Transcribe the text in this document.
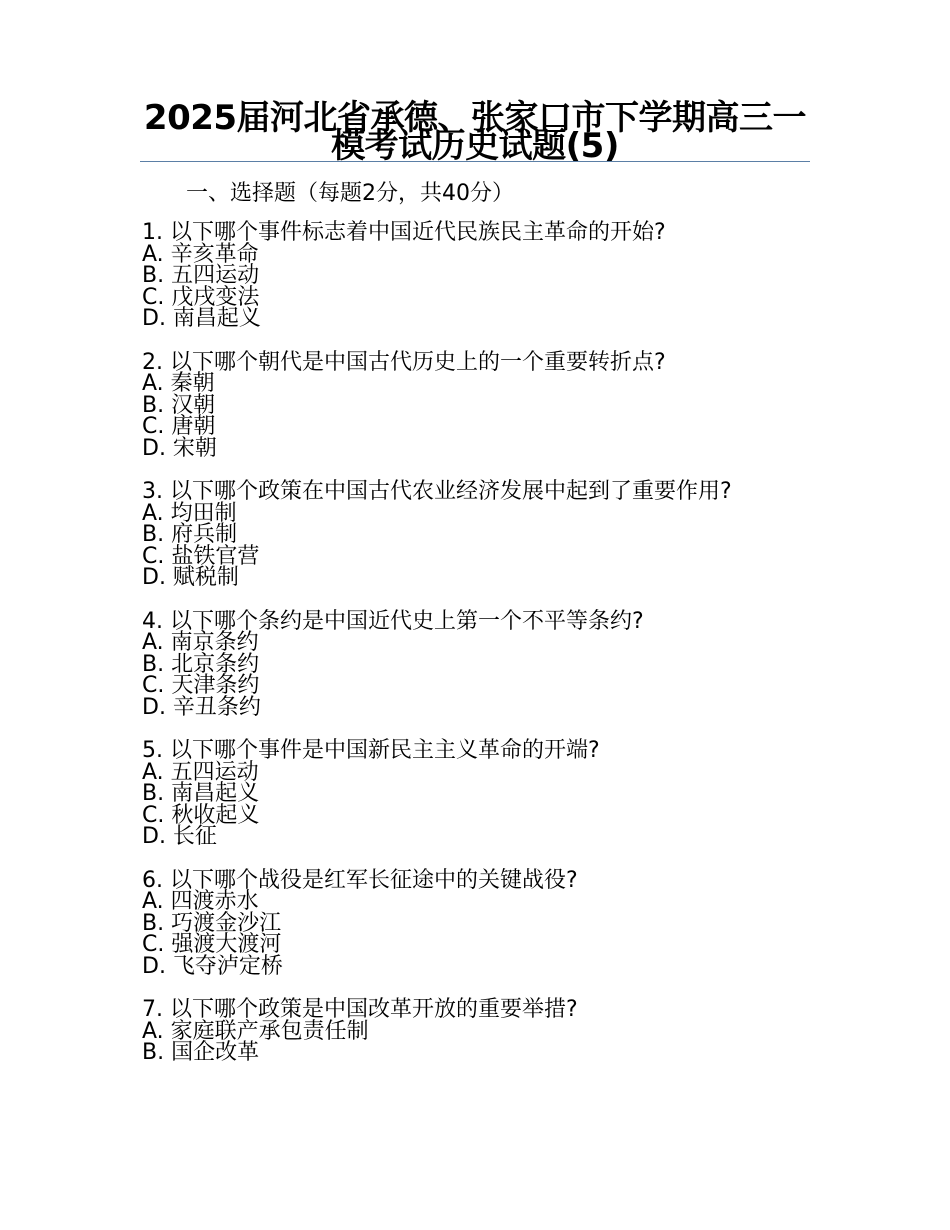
2025届河北省承德、张家口市下学期高三一模考试历史试题(5)

一、选择题（每题2分，共40分）

1. 以下哪个事件标志着中国近代民族民主革命的开始?

A. 辛亥革命

B. 五四运动

C. 戊戌变法

D. 南昌起义

2. 以下哪个朝代是中国古代历史上的一个重要转折点?

A. 秦朝

B. 汉朝

C. 唐朝

D. 宋朝

3. 以下哪个政策在中国古代农业经济发展中起到了重要作用?

A. 均田制

B. 府兵制

C. 盐铁官营

D. 赋税制

4. 以下哪个条约是中国近代史上第一个不平等条约?

A. 南京条约

B. 北京条约

C. 天津条约

D. 辛丑条约

5. 以下哪个事件是中国新民主主义革命的开端?

A. 五四运动

B. 南昌起义

C. 秋收起义

D. 长征

6. 以下哪个战役是红军长征途中的关键战役?

A. 四渡赤水

B. 巧渡金沙江

C. 强渡大渡河

D. 飞夺泸定桥

7. 以下哪个政策是中国改革开放的重要举措?

A. 家庭联产承包责任制

B. 国企改革
